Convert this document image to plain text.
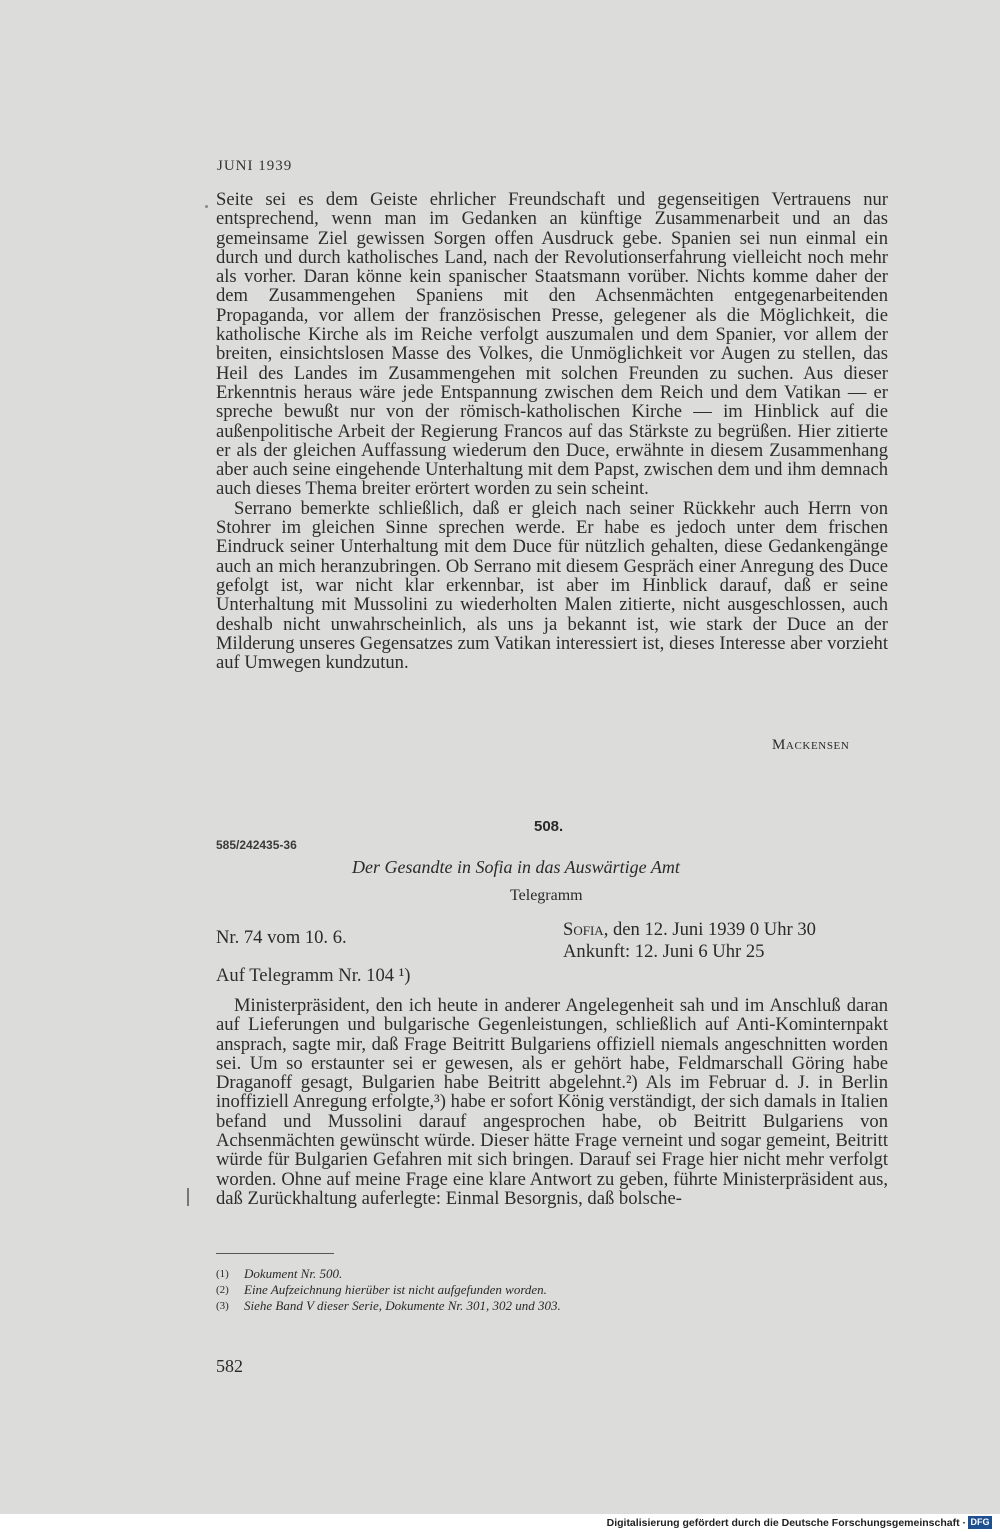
JUNI 1939

Seite sei es dem Geiste ehrlicher Freundschaft und gegenseitigen Vertrauens nur entsprechend, wenn man im Gedanken an künftige Zusammenarbeit und an das gemeinsame Ziel gewissen Sorgen offen Ausdruck gebe. Spanien sei nun einmal ein durch und durch katholisches Land, nach der Revolutionserfahrung vielleicht noch mehr als vorher. Daran könne kein spanischer Staatsmann vorüber. Nichts komme daher der dem Zusammengehen Spaniens mit den Achsenmächten entgegenarbeitenden Propaganda, vor allem der französischen Presse, gelegener als die Möglichkeit, die katholische Kirche als im Reiche verfolgt auszumalen und dem Spanier, vor allem der breiten, einsichtslosen Masse des Volkes, die Unmöglichkeit vor Augen zu stellen, das Heil des Landes im Zusammengehen mit solchen Freunden zu suchen. Aus dieser Erkenntnis heraus wäre jede Entspannung zwischen dem Reich und dem Vatikan — er spreche bewußt nur von der römisch-katholischen Kirche — im Hinblick auf die außenpolitische Arbeit der Regierung Francos auf das Stärkste zu begrüßen. Hier zitierte er als der gleichen Auffassung wiederum den Duce, erwähnte in diesem Zusammenhang aber auch seine eingehende Unterhaltung mit dem Papst, zwischen dem und ihm demnach auch dieses Thema breiter erörtert worden zu sein scheint.

Serrano bemerkte schließlich, daß er gleich nach seiner Rückkehr auch Herrn von Stohrer im gleichen Sinne sprechen werde. Er habe es jedoch unter dem frischen Eindruck seiner Unterhaltung mit dem Duce für nützlich gehalten, diese Gedankengänge auch an mich heranzubringen. Ob Serrano mit diesem Gespräch einer Anregung des Duce gefolgt ist, war nicht klar erkennbar, ist aber im Hinblick darauf, daß er seine Unterhaltung mit Mussolini zu wiederholten Malen zitierte, nicht ausgeschlossen, auch deshalb nicht unwahrscheinlich, als uns ja bekannt ist, wie stark der Duce an der Milderung unseres Gegensatzes zum Vatikan interessiert ist, dieses Interesse aber vorzieht auf Umwegen kundzutun.

Mackensen
508.
585/242435-36
Der Gesandte in Sofia in das Auswärtige Amt
Telegramm
Nr. 74 vom 10. 6.	Sofia, den 12. Juni 1939 0 Uhr 30
Ankunft: 12. Juni 6 Uhr 25

Auf Telegramm Nr. 104 ¹)

Ministerpräsident, den ich heute in anderer Angelegenheit sah und im Anschluß daran auf Lieferungen und bulgarische Gegenleistungen, schließlich auf Anti-Kominternpakt ansprach, sagte mir, daß Frage Beitritt Bulgariens offiziell niemals angeschnitten worden sei. Um so erstaunter sei er gewesen, als er gehört habe, Feldmarschall Göring habe Draganoff gesagt, Bulgarien habe Beitritt abgelehnt.²) Als im Februar d. J. in Berlin inoffiziell Anregung erfolgte,³) habe er sofort König verständigt, der sich damals in Italien befand und Mussolini darauf angesprochen habe, ob Beitritt Bulgariens von Achsenmächten gewünscht würde. Dieser hätte Frage verneint und sogar gemeint, Beitritt würde für Bulgarien Gefahren mit sich bringen. Darauf sei Frage hier nicht mehr verfolgt worden. Ohne auf meine Frage eine klare Antwort zu geben, führte Ministerpräsident aus, daß Zurückhaltung auferlegte: Einmal Besorgnis, daß bolsche-

(1)	Dokument Nr. 500.
(2)	Eine Aufzeichnung hierüber ist nicht aufgefunden worden.
(3)	Siehe Band V dieser Serie, Dokumente Nr. 301, 302 und 303.
582
Digitalisierung gefördert durch die Deutsche Forschungsgemeinschaft · DFG
